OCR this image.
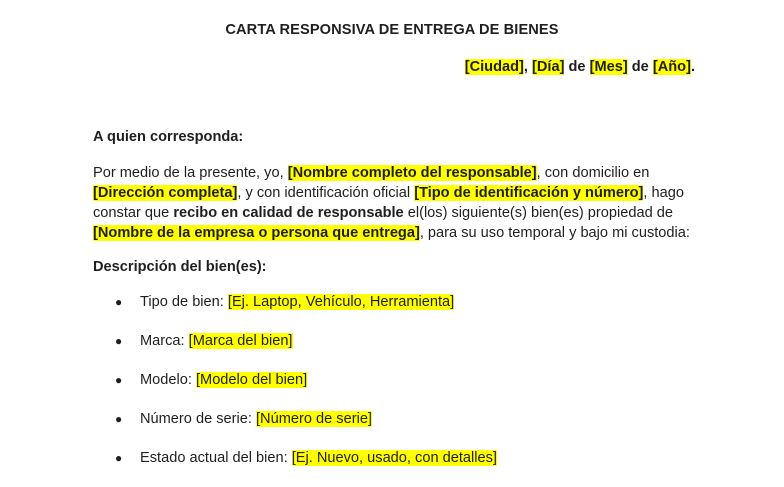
CARTA RESPONSIVA DE ENTREGA DE BIENES
[Ciudad], [Día] de [Mes] de [Año].
A quien corresponda:
Por medio de la presente, yo, [Nombre completo del responsable], con domicilio en
[Dirección completa], y con identificación oficial [Tipo de identificación y número], hago
constar que recibo en calidad de responsable el(los) siguiente(s) bien(es) propiedad de
[Nombre de la empresa o persona que entrega], para su uso temporal y bajo mi custodia:
Descripción del bien(es):
● Tipo de bien: [Ej. Laptop, Vehículo, Herramienta]
● Marca: [Marca del bien]
● Modelo: [Modelo del bien]
● Número de serie: [Número de serie]
● Estado actual del bien: [Ej. Nuevo, usado, con detalles]
